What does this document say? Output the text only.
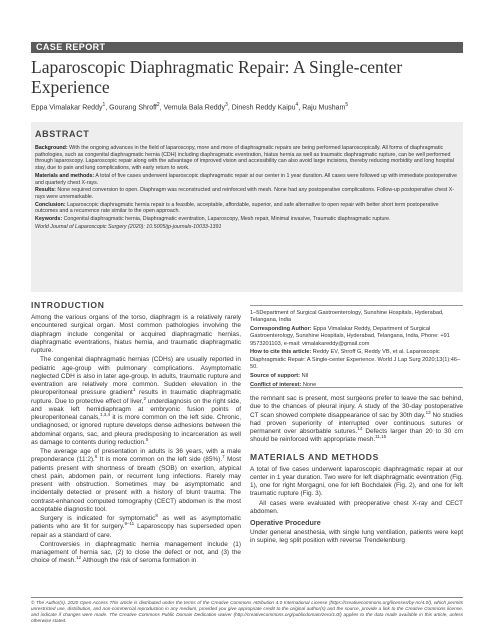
CASE REPORT
Laparoscopic Diaphragmatic Repair: A Single-center Experience
Eppa Vimalakar Reddy$^1$, Gourang Shroff$^2$, Vemula Bala Reddy$^3$, Dinesh Reddy Kaipu$^4$, Raju Musham$^5$
ABSTRACT

Background: With the ongoing advances in the field of laparoscopy, more and more of diaphragmatic repairs are being performed laparoscopically. All forms of diaphragmatic pathologies, such as congenital diaphragmatic hernia (CDH) including diaphragmatic eventration, hiatus hernia as well as traumatic diaphragmatic rupture, can be well performed through laparoscopy. Laparoscopic repair along with the advantage of improved vision and accessibility can also avoid large incisions, thereby reducing morbidity and long hospital stay, due to pain and lung complications, with early return to work.

Materials and methods: A total of five cases underwent laparoscopic diaphragmatic repair at our center in 1 year duration. All cases were followed up with immediate postoperative and quarterly chest X-rays.

Results: None required conversion to open. Diaphragm was reconstructed and reinforced with mesh. None had any postoperative complications. Follow-up postoperative chest X-rays were unremarkable.

Conclusion: Laparoscopic diaphragmatic hernia repair is a feasible, acceptable, affordable, superior, and safe alternative to open repair with better short term postoperative outcomes and a recurrence rate similar to the open approach.

Keywords: Congenital diaphragmatic hernia, Diaphragmatic eventration, Laparoscopy, Mesh repair, Minimal invasive, Traumatic diaphragmatic rupture.

World Journal of Laparoscopic Surgery (2020): 10.5005/jp-journals-10033-1391

INTRODUCTION

Among the various organs of the torso, diaphragm is a relatively rarely encountered surgical organ. Most common pathologies involving the diaphragm include congenital or acquired diaphragmatic hernias, diaphragmatic eventrations, hiatus hernia, and traumatic diaphragmatic rupture.

The congenital diaphragmatic hernias (CDHs) are usually reported in pediatric age-group with pulmonary complications. Asymptomatic neglected CDH is also in later age-group. In adults, traumatic rupture and eventration are relatively more common. Sudden elevation in the pleuroperitoneal pressure gradient$^1$ results in traumatic diaphragmatic rupture. Due to protective effect of liver,$^2$ underdiagnosis on the right side, and weak left hemidiaphragm at embryonic fusion points of pleuroperitoneal canals,$^{1,3,4}$ it is more common on the left side. Chronic, undiagnosed, or ignored rupture develops dense adhesions between the abdominal organs, sac, and pleura predisposing to incarceration as well as damage to contents during reduction.$^5$

The average age of presentation in adults is 36 years, with a male preponderance (11:2).$^6$ It is more common on the left side (85%).$^7$ Most patients present with shortness of breath (SOB) on exertion, atypical chest pain, abdomen pain, or recurrent lung infections. Rarely may present with obstruction. Sometimes may be asymptomatic and incidentally detected or present with a history of blunt trauma. The contrast-enhanced computed tomography (CECT) abdomen is the most acceptable diagnostic tool.

Surgery is indicated for symptomatic$^8$ as well as asymptomatic patients who are fit for surgery.$^{9-11}$ Laparoscopy has superseded open repair as a standard of care.

Controversies in diaphragmatic hernia management include (1) management of hernia sac, (2) to close the defect or not, and (3) the choice of mesh.$^{12}$ Although the risk of seroma formation in

1–5Department of Surgical Gastroenterology, Sunshine Hospitals, Hyderabad, Telangana, India

Corresponding Author: Eppa Vimalakar Reddy, Department of Surgical Gastroenterology, Sunshine Hospitals, Hyderabad, Telangana, India, Phone: +91 9573201103, e-mail: vimalakareddy@gmail.com

How to cite this article: Reddy EV, Shroff G, Reddy VB, et al. Laparoscopic Diaphragmatic Repair: A Single-center Experience. World J Lap Surg 2020;13(1):46–50.

Source of support: Nil

Conflict of interest: None

the remnant sac is present, most surgeons prefer to leave the sac behind, due to the chances of pleural injury. A study of the 30-day postoperative CT scan showed complete disappearance of sac by 30th day.$^{13}$ No studies had proven superiority of interrupted over continuous sutures or permanent over absorbable sutures.$^{14}$ Defects larger than 20 to 30 cm should be reinforced with appropriate mesh.$^{11,15}$

MATERIALS AND METHODS

A total of five cases underwent laparoscopic diaphragmatic repair at our center in 1 year duration. Two were for left diaphragmatic eventration (Fig. 1), one for right Morgagni, one for left Bochdalek (Fig. 2), and one for left traumatic rupture (Fig. 3).

All cases were evaluated with preoperative chest X-ray and CECT abdomen.

Operative Procedure

Under general anesthesia, with single lung ventilation, patients were kept in supine, leg split position with reverse Trendelenburg

© The Author(s). 2020 Open Access This article is distributed under the terms of the Creative Commons Attribution 4.0 International License (https://creativecommons.org/licenses/by-nc/4.0/), which permits unrestricted use, distribution, and non-commercial reproduction in any medium, provided you give appropriate credit to the original author(s) and the source, provide a link to the Creative Commons license, and indicate if changes were made. The Creative Commons Public Domain Dedication waiver (http://creativecommons.org/publicdomain/zero/1.0/) applies to the data made available in this article, unless otherwise stated.
